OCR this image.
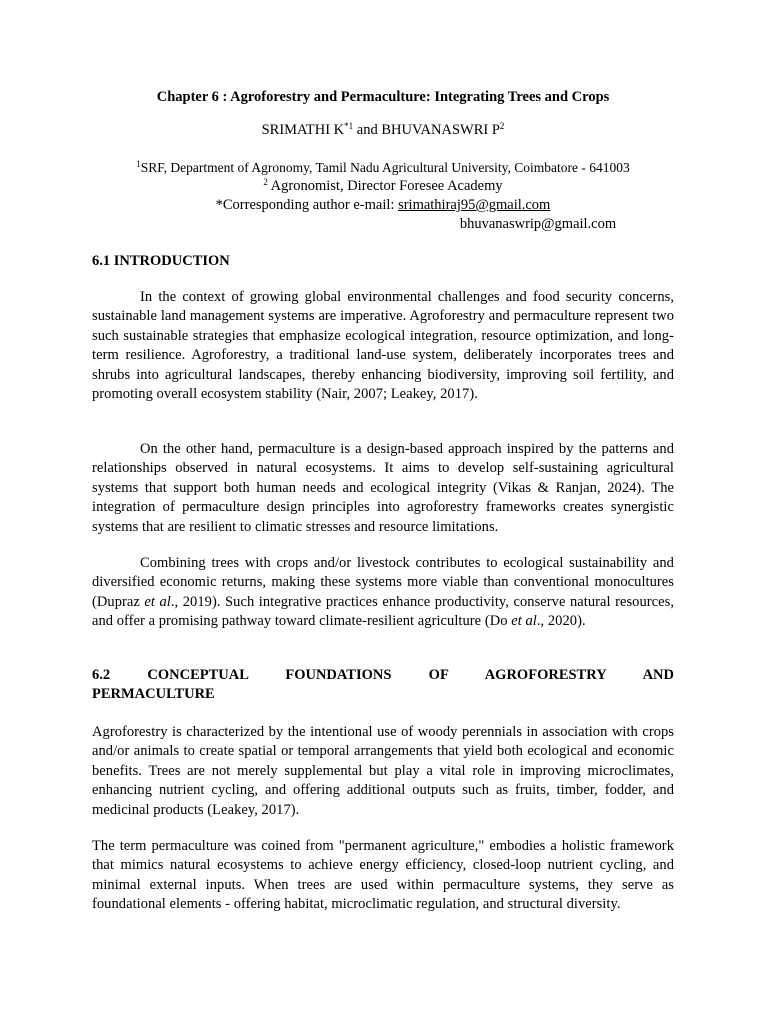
Chapter 6 : Agroforestry and Permaculture: Integrating Trees and Crops
SRIMATHI $K^{*1}$ and BHUVANASWRI $P^2$
$^1$SRF, Department of Agronomy, Tamil Nadu Agricultural University, Coimbatore - 641003
$^2$ Agronomist, Director Foresee Academy
*Corresponding author e-mail: srimathiraj95@gmail.com
bhuvanaswrip@gmail.com
6.1 INTRODUCTION

In the context of growing global environmental challenges and food security concerns, sustainable land management systems are imperative. Agroforestry and permaculture represent two such sustainable strategies that emphasize ecological integration, resource optimization, and long-term resilience. Agroforestry, a traditional land-use system, deliberately incorporates trees and shrubs into agricultural landscapes, thereby enhancing biodiversity, improving soil fertility, and promoting overall ecosystem stability (Nair, 2007; Leakey, 2017).

On the other hand, permaculture is a design-based approach inspired by the patterns and relationships observed in natural ecosystems. It aims to develop self-sustaining agricultural systems that support both human needs and ecological integrity (Vikas & Ranjan, 2024). The integration of permaculture design principles into agroforestry frameworks creates synergistic systems that are resilient to climatic stresses and resource limitations.

Combining trees with crops and/or livestock contributes to ecological sustainability and diversified economic returns, making these systems more viable than conventional monocultures (Dupraz et al., 2019). Such integrative practices enhance productivity, conserve natural resources, and offer a promising pathway toward climate-resilient agriculture (Do et al., 2020).

6.2 CONCEPTUAL FOUNDATIONS OF AGROFORESTRY AND
PERMACULTURE

Agroforestry is characterized by the intentional use of woody perennials in association with crops and/or animals to create spatial or temporal arrangements that yield both ecological and economic benefits. Trees are not merely supplemental but play a vital role in improving microclimates, enhancing nutrient cycling, and offering additional outputs such as fruits, timber, fodder, and medicinal products (Leakey, 2017).

The term permaculture was coined from "permanent agriculture," embodies a holistic framework that mimics natural ecosystems to achieve energy efficiency, closed-loop nutrient cycling, and minimal external inputs. When trees are used within permaculture systems, they serve as foundational elements - offering habitat, microclimatic regulation, and structural diversity.
